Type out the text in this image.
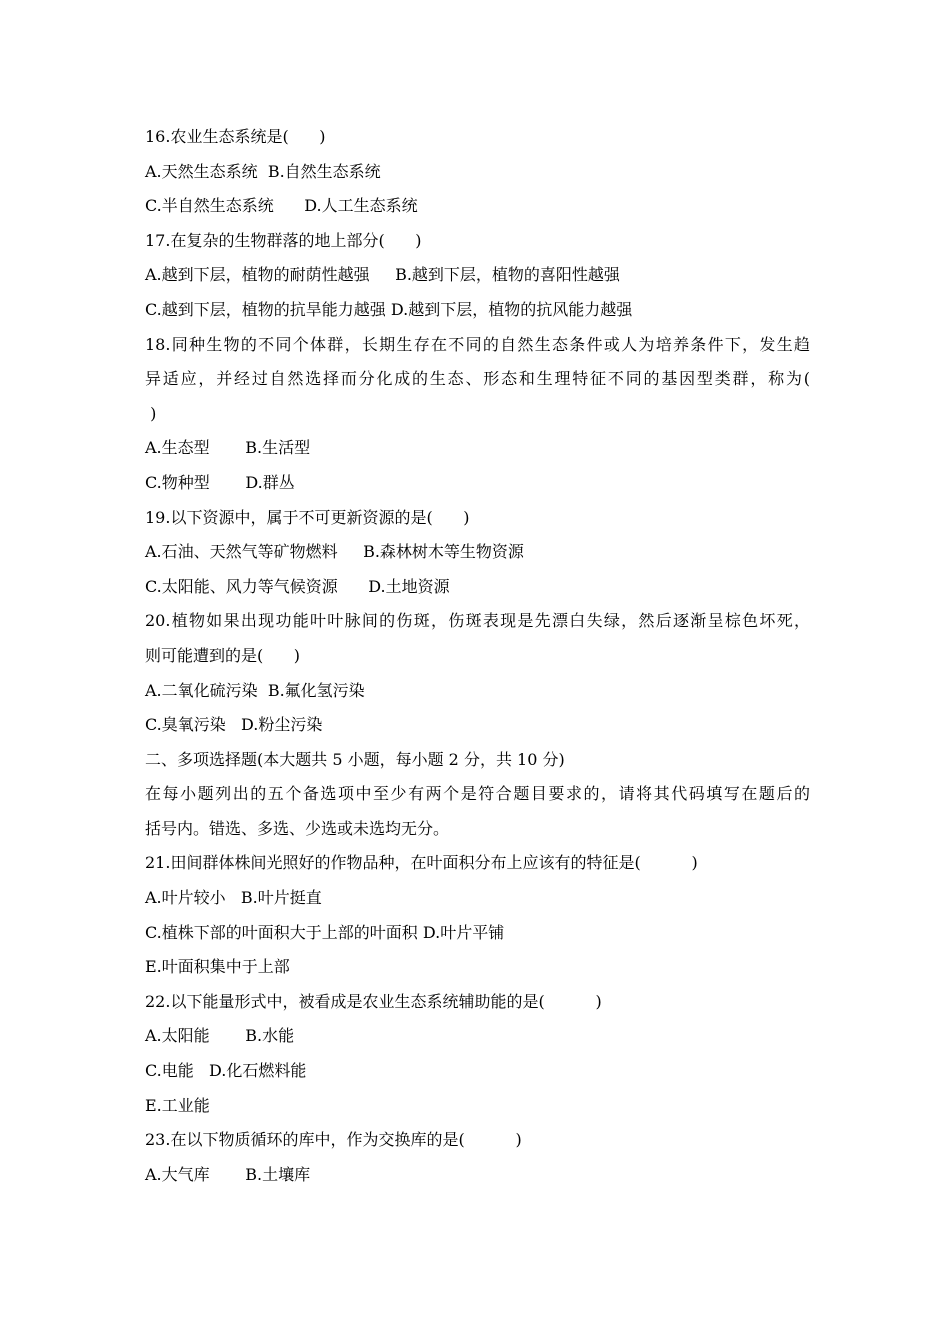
16.农业生态系统是(      )
A.天然生态系统  B.自然生态系统
C.半自然生态系统      D.人工生态系统
17.在复杂的生物群落的地上部分(      )
A.越到下层，植物的耐荫性越强     B.越到下层，植物的喜阳性越强
C.越到下层，植物的抗旱能力越强 D.越到下层，植物的抗风能力越强
18.同种生物的不同个体群，长期生存在不同的自然生态条件或人为培养条件下，发生趋
异适应，并经过自然选择而分化成的生态、形态和生理特征不同的基因型类群，称为(
)
A.生态型       B.生活型
C.物种型       D.群丛
19.以下资源中，属于不可更新资源的是(      )
A.石油、天然气等矿物燃料     B.森林树木等生物资源
C.太阳能、风力等气候资源      D.土地资源
20.植物如果出现功能叶叶脉间的伤斑，伤斑表现是先漂白失绿，然后逐渐呈棕色坏死，
则可能遭到的是(      )
A.二氧化硫污染  B.氟化氢污染
C.臭氧污染   D.粉尘污染
二、多项选择题(本大题共 5 小题，每小题 2 分，共 10 分)
在每小题列出的五个备选项中至少有两个是符合题目要求的，请将其代码填写在题后的
括号内。错选、多选、少选或未选均无分。
21.田间群体株间光照好的作物品种，在叶面积分布上应该有的特征是(          )
A.叶片较小   B.叶片挺直
C.植株下部的叶面积大于上部的叶面积 D.叶片平铺
E.叶面积集中于上部
22.以下能量形式中，被看成是农业生态系统辅助能的是(          )
A.太阳能       B.水能
C.电能   D.化石燃料能
E.工业能
23.在以下物质循环的库中，作为交换库的是(          )
A.大气库       B.土壤库
